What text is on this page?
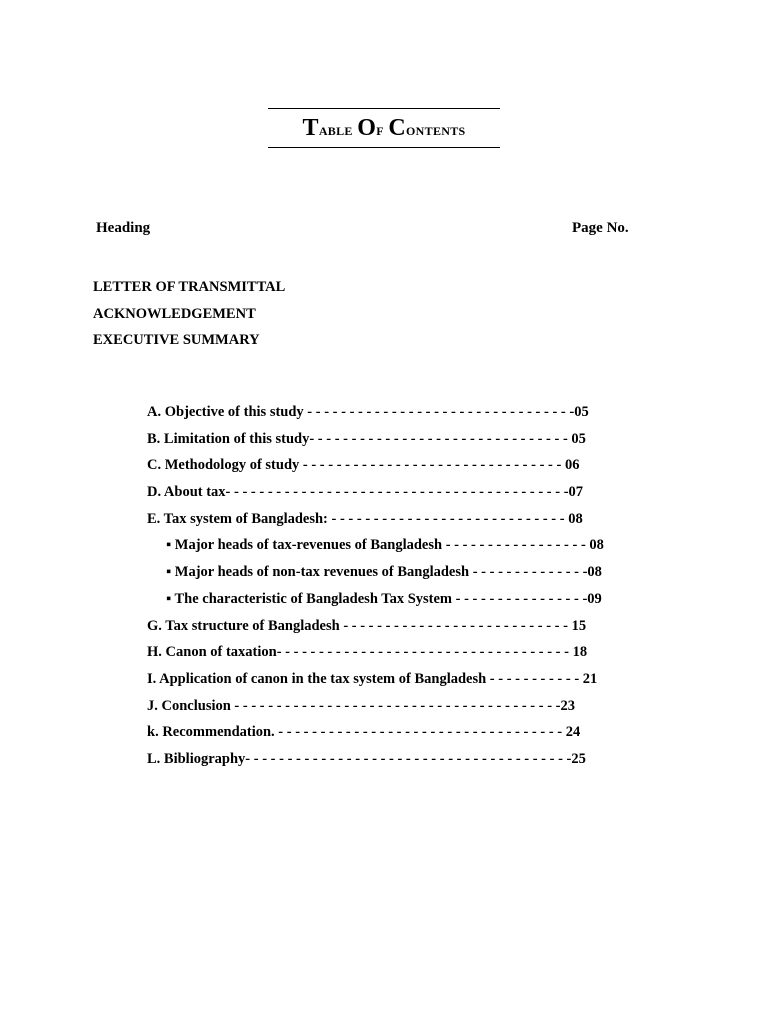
Table Of Contents
Heading	Page No.
LETTER OF TRANSMITTAL
ACKNOWLEDGEMENT
EXECUTIVE SUMMARY
A. Objective of this study - - - - - - - - - - - - - - - - - - - - - - - - - - - - - - - -05
B. Limitation of this study- - - - - - - - - - - - - - - - - - - - - - - - - - - - - - - 05
C. Methodology of study - - - - - - - - - - - - - - - - - - - - - - - - - - - - - - - 06
D. About tax- - - - - - - - - - - - - - - - - - - - - - - - - - - - - - - - - - - - - - - - -07
E. Tax system of Bangladesh: - - - - - - - - - - - - - - - - - - - - - - - - - - - - 08
▪ Major heads of tax-revenues of Bangladesh - - - - - - - - - - - - - - - - - 08
▪ Major heads of non-tax revenues of Bangladesh - - - - - - - - - - - - - -08
▪ The characteristic of Bangladesh Tax System - - - - - - - - - - - - - - - -09
G. Tax structure of Bangladesh - - - - - - - - - - - - - - - - - - - - - - - - - - - 15
H. Canon of taxation- - - - - - - - - - - - - - - - - - - - - - - - - - - - - - - - - - - 18
I. Application of canon in the tax system of Bangladesh - - - - - - - - - - - 21
J. Conclusion - - - - - - - - - - - - - - - - - - - - - - - - - - - - - - - - - - - - - - -23
k. Recommendation. - - - - - - - - - - - - - - - - - - - - - - - - - - - - - - - - - - 24
L. Bibliography- - - - - - - - - - - - - - - - - - - - - - - - - - - - - - - - - - - - - - -25
